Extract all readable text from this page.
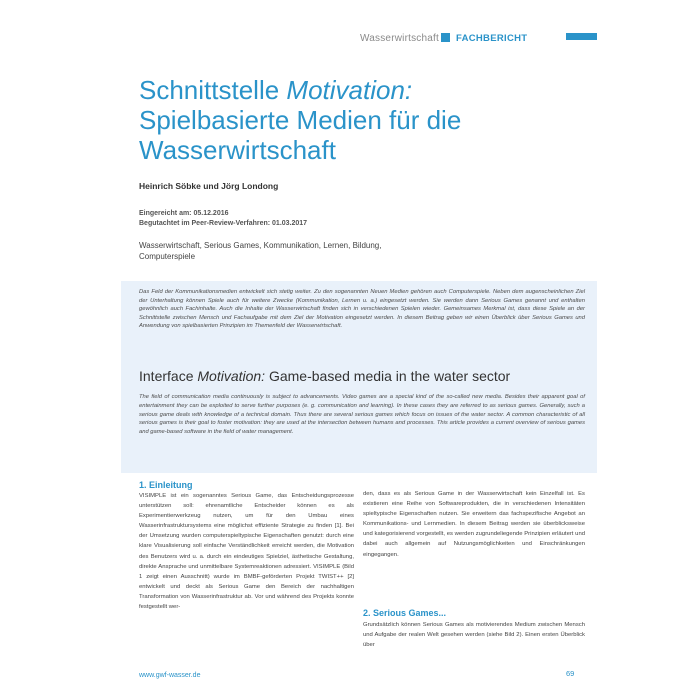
Wasserwirtschaft FACHBERICHT
Schnittstelle Motivation:
Spielbasierte Medien für die Wasserwirtschaft
Heinrich Söbke und Jörg Londong
Eingereicht am: 05.12.2016
Begutachtet im Peer-Review-Verfahren: 01.03.2017
Wasserwirtschaft, Serious Games, Kommunikation, Lernen, Bildung, Computerspiele
Das Feld der Kommunikationsmedien entwickelt sich stetig weiter. Zu den sogenannten Neuen Medien gehören auch Computerspiele. Neben dem augenscheinlichen Ziel der Unterhaltung können Spiele auch für weitere Zwecke (Kommunikation, Lernen u. a.) eingesetzt werden. Sie werden dann Serious Games genannt und enthalten gewöhnlich auch Fachinhalte. Auch die Inhalte der Wasserwirtschaft finden sich in verschiedenen Spielen wieder. Gemeinsames Merkmal ist, dass diese Spiele an der Schnittstelle zwischen Mensch und Fachaufgabe mit dem Ziel der Motivation eingesetzt werden. In diesem Beitrag geben wir einen Überblick über Serious Games und Anwendung von spielbasierten Prinzipien im Themenfeld der Wasserwirtschaft.
Interface Motivation: Game-based media in the water sector
The field of communication media continuously is subject to advancements. Video games are a special kind of the so-called new media. Besides their apparent goal of entertainment they can be exploited to serve further purposes (e. g. communication and learning). In these cases they are referred to as serious games. Generally, such a serious game deals with knowledge of a technical domain. Thus there are several serious games which focus on issues of the water sector. A common characteristic of all serious games is their goal to foster motivation: they are used at the intersection between humans and processes. This article provides a current overview of serious games and game-based software in the field of water management.
1. Einleitung
VISIMPLE ist ein sogenanntes Serious Game, das Entscheidungsprozesse unterstützen soll: ehrenamtliche Entscheider können es als Experimentierwerkzeug nutzen, um für den Umbau eines Wasserinfrastruktursystems eine möglichst effiziente Strategie zu finden [1]. Bei der Umsetzung wurden computerspieltypische Eigenschaften genutzt: durch eine klare Visualisierung soll einfache Verständlichkeit erreicht werden, die Motivation des Benutzers wird u. a. durch ein eindeutiges Spielziel, ästhetische Gestaltung, direkte Ansprache und unmittelbare Systemreaktionen adressiert. VISIMPLE (Bild 1 zeigt einen Ausschnitt) wurde im BMBF-geförderten Projekt TWIST++ [2] entwickelt und deckt als Serious Game den Bereich der nachhaltigen Transformation von Wasserinfrastruktur ab. Vor und während des Projekts konnte festgestellt wer-
den, dass es als Serious Game in der Wasserwirtschaft kein Einzelfall ist. Es existieren eine Reihe von Softwareprodukten, die in verschiedenen Intensitäten spieltypische Eigenschaften nutzen. Sie erweitern das fachspezifische Angebot an Kommunikations- und Lernmedien. In diesem Beitrag werden sie überblicksweise und kategorisierend vorgestellt, es werden zugrundeliegende Prinzipien erläutert und dabei auch allgemein auf Nutzungsmöglichkeiten und Einschränkungen eingegangen.
2. Serious Games...
Grundsätzlich können Serious Games als motivierendes Medium zwischen Mensch und Aufgabe der realen Welt gesehen werden (siehe Bild 2). Einen ersten Überblick über
www.gwf-wasser.de	69
